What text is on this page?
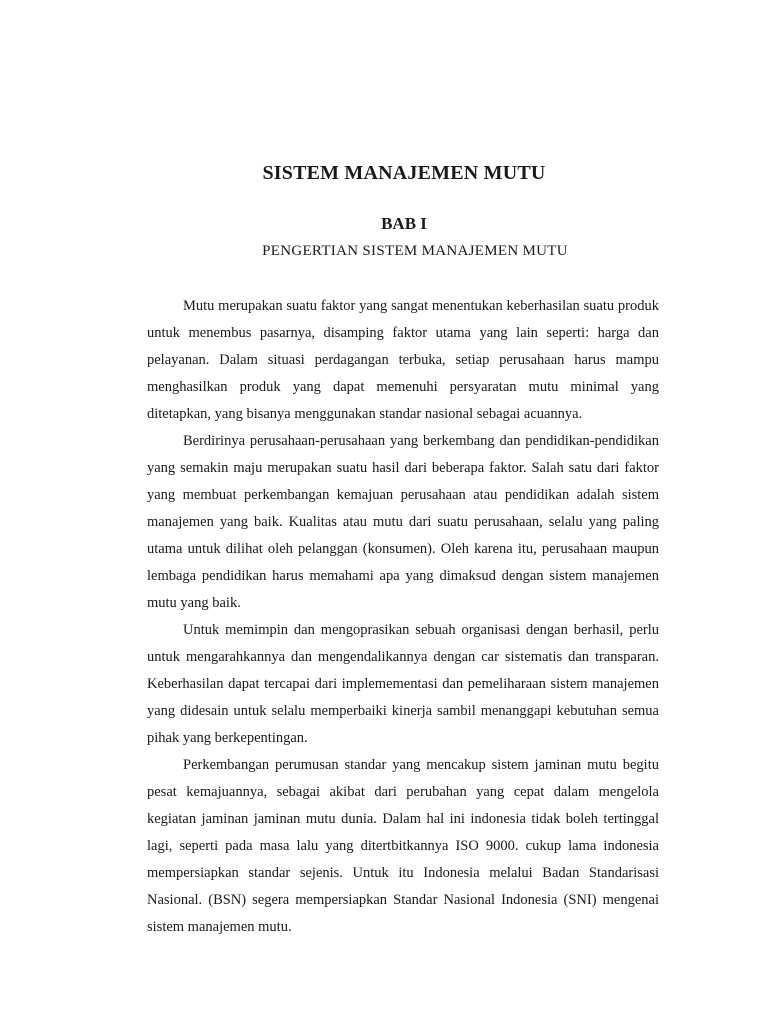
SISTEM MANAJEMEN MUTU
BAB I
PENGERTIAN SISTEM MANAJEMEN MUTU

Mutu merupakan suatu faktor yang sangat menentukan keberhasilan suatu produk untuk menembus pasarnya, disamping faktor utama yang lain seperti: harga dan pelayanan. Dalam situasi perdagangan terbuka, setiap perusahaan harus mampu menghasilkan produk yang dapat memenuhi persyaratan mutu minimal yang ditetapkan, yang bisanya menggunakan standar nasional sebagai acuannya.

Berdirinya perusahaan-perusahaan yang berkembang dan pendidikan-pendidikan yang semakin maju merupakan suatu hasil dari beberapa faktor. Salah satu dari faktor yang membuat perkembangan kemajuan perusahaan atau pendidikan adalah sistem manajemen yang baik. Kualitas atau mutu dari suatu perusahaan, selalu yang paling utama untuk dilihat oleh pelanggan (konsumen). Oleh karena itu, perusahaan maupun lembaga pendidikan harus memahami apa yang dimaksud dengan sistem manajemen mutu yang baik.

Untuk memimpin dan mengoprasikan sebuah organisasi dengan berhasil, perlu untuk mengarahkannya dan mengendalikannya dengan car sistematis dan transparan. Keberhasilan dapat tercapai dari implemementasi dan pemeliharaan sistem manajemen yang didesain untuk selalu memperbaiki kinerja sambil menanggapi kebutuhan semua pihak yang berkepentingan.

Perkembangan perumusan standar yang mencakup sistem jaminan mutu begitu pesat kemajuannya, sebagai akibat dari perubahan yang cepat dalam mengelola kegiatan jaminan jaminan mutu dunia. Dalam hal ini indonesia tidak boleh tertinggal lagi, seperti pada masa lalu yang ditertbitkannya ISO 9000. cukup lama indonesia mempersiapkan standar sejenis. Untuk itu Indonesia melalui Badan Standarisasi Nasional. (BSN) segera mempersiapkan Standar Nasional Indonesia (SNI) mengenai sistem manajemen mutu.
